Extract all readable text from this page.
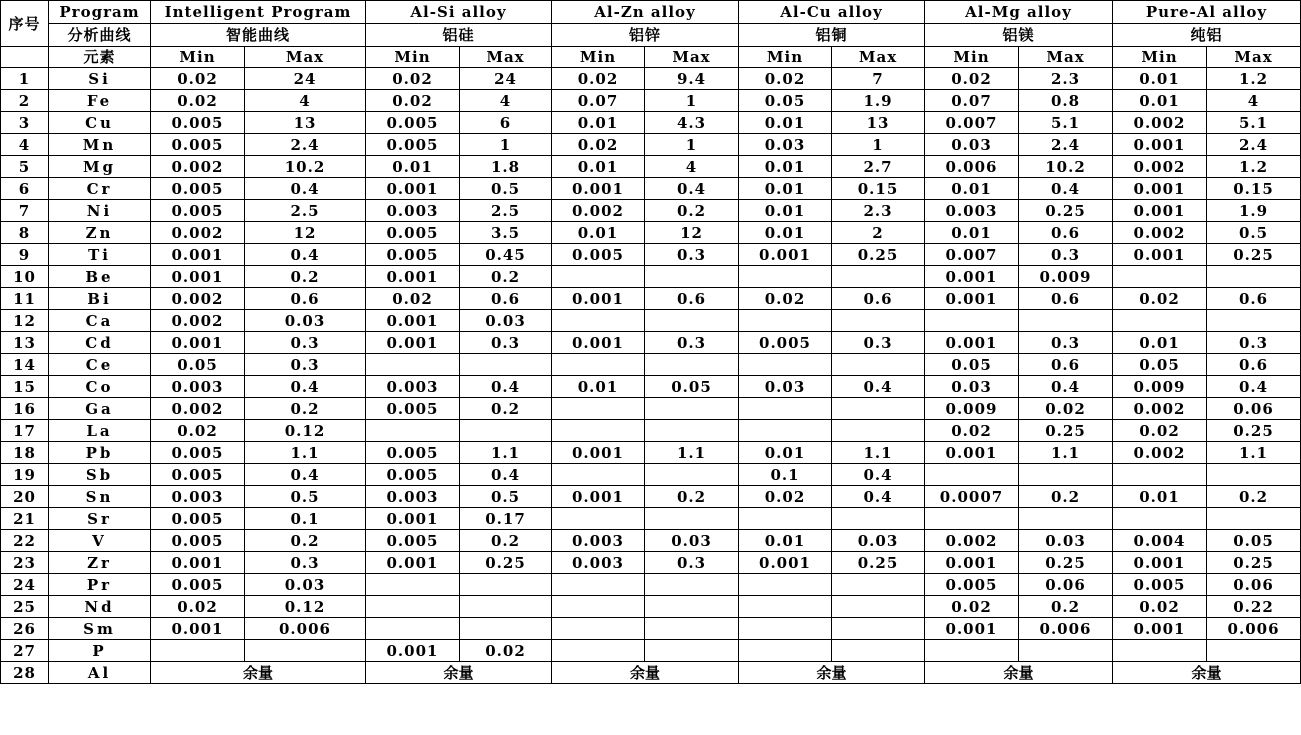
序号	Program	Intelligent Program		Al-Si alloy		Al-Zn alloy		Al-Cu alloy		Al-Mg alloy		Pure-Al alloy	
	分析曲线	智能曲线		铝硅		铝锌		铝铜		铝镁		纯铝	
	元素	Min	Max	Min	Max	Min	Max	Min	Max	Min	Max	Min	Max
1	Si	0.02	24	0.02	24	0.02	9.4	0.02	7	0.02	2.3	0.01	1.2
2	Fe	0.02	4	0.02	4	0.07	1	0.05	1.9	0.07	0.8	0.01	4
3	Cu	0.005	13	0.005	6	0.01	4.3	0.01	13	0.007	5.1	0.002	5.1
4	Mn	0.005	2.4	0.005	1	0.02	1	0.03	1	0.03	2.4	0.001	2.4
5	Mg	0.002	10.2	0.01	1.8	0.01	4	0.01	2.7	0.006	10.2	0.002	1.2
6	Cr	0.005	0.4	0.001	0.5	0.001	0.4	0.01	0.15	0.01	0.4	0.001	0.15
7	Ni	0.005	2.5	0.003	2.5	0.002	0.2	0.01	2.3	0.003	0.25	0.001	1.9
8	Zn	0.002	12	0.005	3.5	0.01	12	0.01	2	0.01	0.6	0.002	0.5
9	Ti	0.001	0.4	0.005	0.45	0.005	0.3	0.001	0.25	0.007	0.3	0.001	0.25
10	Be	0.001	0.2	0.001	0.2					0.001	0.009		
11	Bi	0.002	0.6	0.02	0.6	0.001	0.6	0.02	0.6	0.001	0.6	0.02	0.6
12	Ca	0.002	0.03	0.001	0.03								
13	Cd	0.001	0.3	0.001	0.3	0.001	0.3	0.005	0.3	0.001	0.3	0.01	0.3
14	Ce	0.05	0.3							0.05	0.6	0.05	0.6
15	Co	0.003	0.4	0.003	0.4	0.01	0.05	0.03	0.4	0.03	0.4	0.009	0.4
16	Ga	0.002	0.2	0.005	0.2					0.009	0.02	0.002	0.06
17	La	0.02	0.12							0.02	0.25	0.02	0.25
18	Pb	0.005	1.1	0.005	1.1	0.001	1.1	0.01	1.1	0.001	1.1	0.002	1.1
19	Sb	0.005	0.4	0.005	0.4			0.1	0.4				
20	Sn	0.003	0.5	0.003	0.5	0.001	0.2	0.02	0.4	0.0007	0.2	0.01	0.2
21	Sr	0.005	0.1	0.001	0.17								
22	V	0.005	0.2	0.005	0.2	0.003	0.03	0.01	0.03	0.002	0.03	0.004	0.05
23	Zr	0.001	0.3	0.001	0.25	0.003	0.3	0.001	0.25	0.001	0.25	0.001	0.25
24	Pr	0.005	0.03							0.005	0.06	0.005	0.06
25	Nd	0.02	0.12							0.02	0.2	0.02	0.22
26	Sm	0.001	0.006							0.001	0.006	0.001	0.006
27	P			0.001	0.02								
28	Al	余量		余量		余量		余量		余量		余量	
